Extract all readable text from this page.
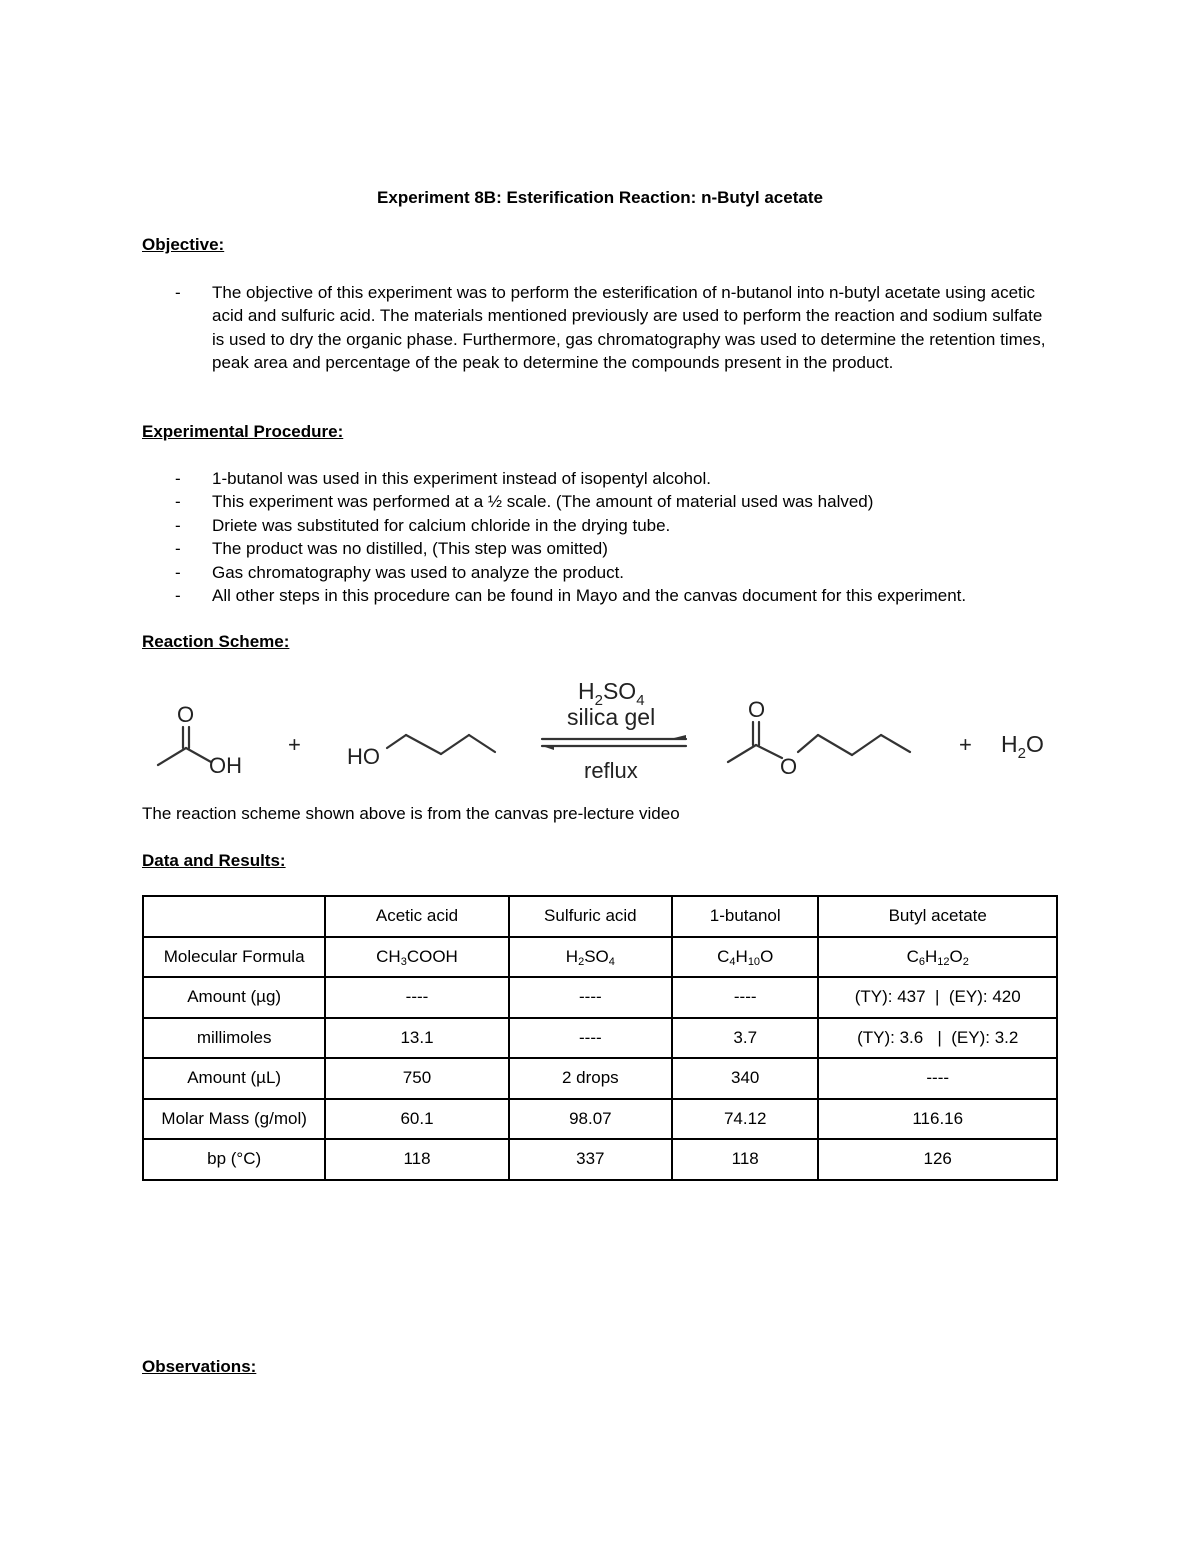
Experiment 8B: Esterification Reaction: n-Butyl acetate
Objective:
- The objective of this experiment was to perform the esterification of n-butanol into n-butyl acetate using acetic acid and sulfuric acid. The materials mentioned previously are used to perform the reaction and sodium sulfate is used to dry the organic phase. Furthermore, gas chromatography was used to determine the retention times, peak area and percentage of the peak to determine the compounds present in the product.
Experimental Procedure:
- 1-butanol was used in this experiment instead of isopentyl alcohol.
- This experiment was performed at a ½ scale. (The amount of material used was halved)
- Driete was substituted for calcium chloride in the drying tube.
- The product was no distilled, (This step was omitted)
- Gas chromatography was used to analyze the product.
- All other steps in this procedure can be found in Mayo and the canvas document for this experiment.
Reaction Scheme:
O
OH
+ HO
$H_2SO_4$
silica gel
reflux
O
O
+ $H_2O$
The reaction scheme shown above is from the canvas pre-lecture video
Data and Results:
	Acetic acid	Sulfuric acid	1-butanol	Butyl acetate
Molecular Formula	$CH_3COOH$	$H_2SO_4$	$C_4H_{10}O$	$C_6H_{12}O_2$
Amount (µg)	----	----	----	(TY): 437  |  (EY): 420
millimoles	13.1	----	3.7	(TY): 3.6   |  (EY): 3.2
Amount (µL)	750	2 drops	340	----
Molar Mass (g/mol)	60.1	98.07	74.12	116.16
bp (°C)	118	337	118	126
Observations:
